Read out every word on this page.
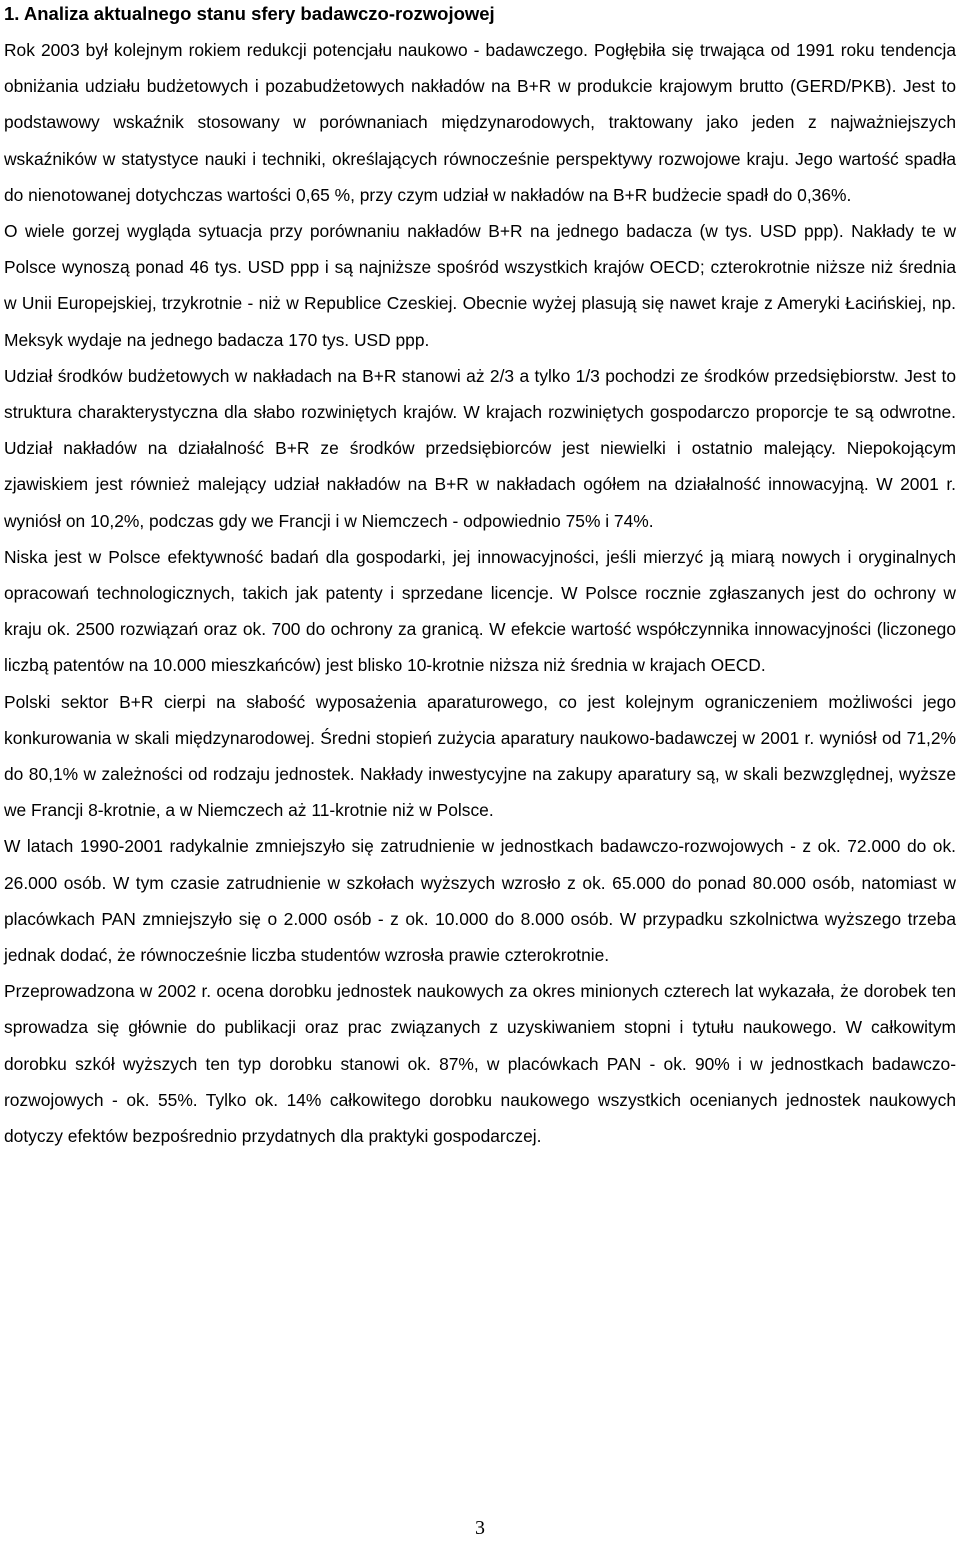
1. Analiza aktualnego stanu sfery badawczo-rozwojowej

Rok 2003 był kolejnym rokiem redukcji potencjału naukowo - badawczego. Pogłębiła się trwająca od 1991 roku tendencja obniżania udziału budżetowych i pozabudżetowych nakładów na B+R w produkcie krajowym brutto (GERD/PKB). Jest to podstawowy wskaźnik stosowany w porównaniach międzynarodowych, traktowany jako jeden z najważniejszych wskaźników w statystyce nauki i techniki, określających równocześnie perspektywy rozwojowe kraju. Jego wartość spadła do nienotowanej dotychczas wartości 0,65 %, przy czym udział w nakładów na B+R budżecie spadł do 0,36%.

O wiele gorzej wygląda sytuacja przy porównaniu nakładów B+R na jednego badacza (w tys. USD ppp). Nakłady te w Polsce wynoszą ponad 46 tys. USD ppp i są najniższe spośród wszystkich krajów OECD; czterokrotnie niższe niż średnia w Unii Europejskiej, trzykrotnie - niż w Republice Czeskiej. Obecnie wyżej plasują się nawet kraje z Ameryki Łacińskiej, np. Meksyk wydaje na jednego badacza 170 tys. USD ppp.

Udział środków budżetowych w nakładach na B+R stanowi aż 2/3 a tylko 1/3 pochodzi ze środków przedsiębiorstw. Jest to struktura charakterystyczna dla słabo rozwiniętych krajów. W krajach rozwiniętych gospodarczo proporcje te są odwrotne. Udział nakładów na działalność B+R ze środków przedsiębiorców jest niewielki i ostatnio malejący. Niepokojącym zjawiskiem jest również malejący udział nakładów na B+R w nakładach ogółem na działalność innowacyjną. W 2001 r. wyniósł on 10,2%, podczas gdy we Francji i w Niemczech - odpowiednio 75% i 74%.

Niska jest w Polsce efektywność badań dla gospodarki, jej innowacyjności, jeśli mierzyć ją miarą nowych i oryginalnych opracowań technologicznych, takich jak patenty i sprzedane licencje. W Polsce rocznie zgłaszanych jest do ochrony w kraju ok. 2500 rozwiązań oraz ok. 700 do ochrony za granicą. W efekcie wartość współczynnika innowacyjności (liczonego liczbą patentów na 10.000 mieszkańców) jest blisko 10-krotnie niższa niż średnia w krajach OECD.

Polski sektor B+R cierpi na słabość wyposażenia aparaturowego, co jest kolejnym ograniczeniem możliwości jego konkurowania w skali międzynarodowej. Średni stopień zużycia aparatury naukowo-badawczej w 2001 r. wyniósł od 71,2% do 80,1% w zależności od rodzaju jednostek. Nakłady inwestycyjne na zakupy aparatury są, w skali bezwzględnej, wyższe we Francji 8-krotnie, a w Niemczech aż 11-krotnie niż w Polsce.

W latach 1990-2001 radykalnie zmniejszyło się zatrudnienie w jednostkach badawczo-rozwojowych - z ok. 72.000 do ok. 26.000 osób. W tym czasie zatrudnienie w szkołach wyższych wzrosło z ok. 65.000 do ponad 80.000 osób, natomiast w placówkach PAN zmniejszyło się o 2.000 osób - z ok. 10.000 do 8.000 osób. W przypadku szkolnictwa wyższego trzeba jednak dodać, że równocześnie liczba studentów wzrosła prawie czterokrotnie.

Przeprowadzona w 2002 r. ocena dorobku jednostek naukowych za okres minionych czterech lat wykazała, że dorobek ten sprowadza się głównie do publikacji oraz prac związanych z uzyskiwaniem stopni i tytułu naukowego. W całkowitym dorobku szkół wyższych ten typ dorobku stanowi ok. 87%, w placówkach PAN - ok. 90% i w jednostkach badawczo-rozwojowych - ok. 55%. Tylko ok. 14% całkowitego dorobku naukowego wszystkich ocenianych jednostek naukowych dotyczy efektów bezpośrednio przydatnych dla praktyki gospodarczej.

3
